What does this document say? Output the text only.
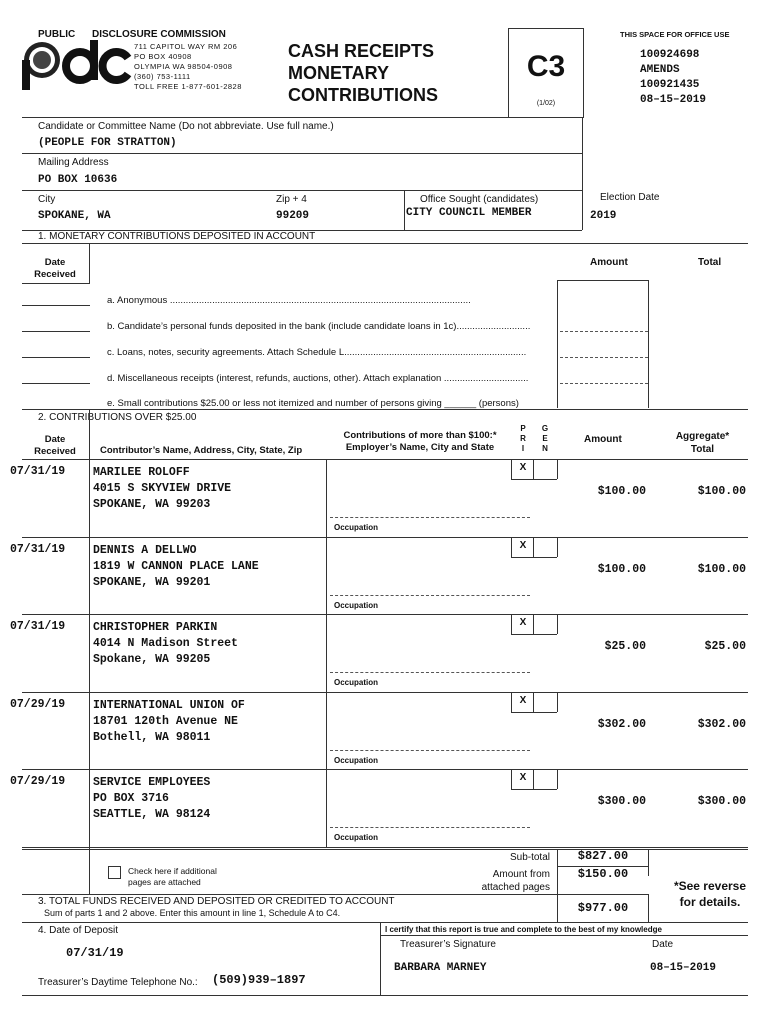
PUBLIC DISCLOSURE COMMISSION
711 CAPITOL WAY RM 206
PO BOX 40908
OLYMPIA WA 98504-0908
(360) 753-1111
TOLL FREE 1-877-601-2828
CASH RECEIPTS
MONETARY
CONTRIBUTIONS
C3
(1/02)
THIS SPACE FOR OFFICE USE
100924698
AMENDS
100921435
08–15–2019
Candidate or Committee Name (Do not abbreviate. Use full name.)
(PEOPLE FOR STRATTON)
Mailing Address
PO BOX 10636
City
SPOKANE, WA
Zip + 4
99209
Office Sought (candidates)
CITY COUNCIL MEMBER
Election Date
2019
1. MONETARY CONTRIBUTIONS DEPOSITED IN ACCOUNT
Date
Received
Amount	Total
a. Anonymous ..................................................................................................................
b. Candidate’s personal funds deposited in the bank (include candidate loans in 1c)............................
c. Loans, notes, security agreements. Attach Schedule L.....................................................................
d. Miscellaneous receipts (interest, refunds, auctions, other). Attach explanation ................................
e. Small contributions $25.00 or less not itemized and number of persons giving ______ (persons)
2. CONTRIBUTIONS OVER $25.00
Date
Received	Contributor’s Name, Address, City, State, Zip
Contributions of more than $100:*
Employer’s Name, City and State
P
R
I
G
E
N
Amount	Aggregate*
Total
07/31/19 MARILEE ROLOFF
4015 S SKYVIEW DRIVE
SPOKANE, WA 99203
X
Occupation
$100.00	$100.00
07/31/19 DENNIS A DELLWO
1819 W CANNON PLACE LANE
SPOKANE, WA 99201
X
Occupation
$100.00	$100.00
07/31/19 CHRISTOPHER PARKIN
4014 N Madison Street
Spokane, WA 99205
X
Occupation
$25.00	$25.00
07/29/19 INTERNATIONAL UNION OF
18701 120th Avenue NE
Bothell, WA 98011
X
Occupation
$302.00	$302.00
07/29/19 SERVICE EMPLOYEES
PO BOX 3716
SEATTLE, WA 98124
X
Occupation
$300.00	$300.00
Check here if additional
pages are attached
Sub-total	$827.00
Amount from
attached pages
$150.00
*See reverse
for details.
3. TOTAL FUNDS RECEIVED AND DEPOSITED OR CREDITED TO ACCOUNT
Sum of parts 1 and 2 above. Enter this amount in line 1, Schedule A to C4.	$977.00
4. Date of Deposit
07/31/19
Treasurer’s Daytime Telephone No.: (509)939–1897
I certify that this report is true and complete to the best of my knowledge
Treasurer’s Signature	Date
BARBARA MARNEY	08–15–2019
